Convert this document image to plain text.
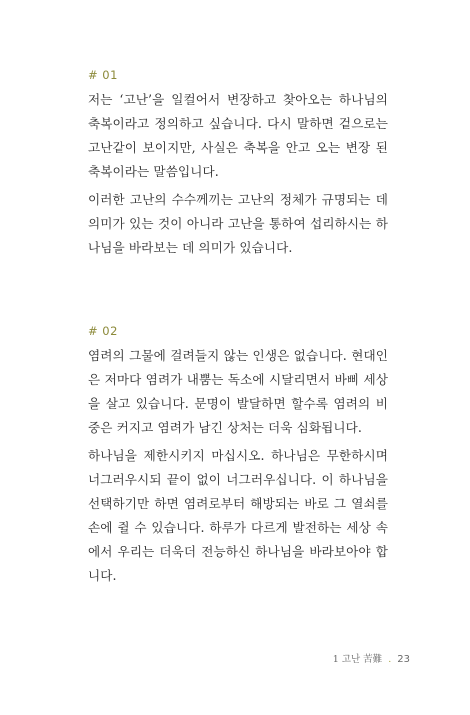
# 01

저는 ‘고난’을 일컬어서 변장하고 찾아오는 하나님의 축복이라고 정의하고 싶습니다. 다시 말하면 겉으로는 고난같이 보이지만, 사실은 축복을 안고 오는 변장 된 축복이라는 말씀입니다.

이러한 고난의 수수께끼는 고난의 정체가 규명되는 데 의미가 있는 것이 아니라 고난을 통하여 섭리하시는 하나님을 바라보는 데 의미가 있습니다.

# 02

염려의 그물에 걸려들지 않는 인생은 없습니다. 현대인은 저마다 염려가 내뿜는 독소에 시달리면서 바삐 세상을 살고 있습니다. 문명이 발달하면 할수록 염려의 비중은 커지고 염려가 남긴 상처는 더욱 심화됩니다.

하나님을 제한시키지 마십시오. 하나님은 무한하시며 너그러우시되 끝이 없이 너그러우십니다. 이 하나님을 선택하기만 하면 염려로부터 해방되는 바로 그 열쇠를 손에 쥘 수 있습니다. 하루가 다르게 발전하는 세상 속에서 우리는 더욱더 전능하신 하나님을 바라보아야 합니다.

1 고난 苦難 . 23
